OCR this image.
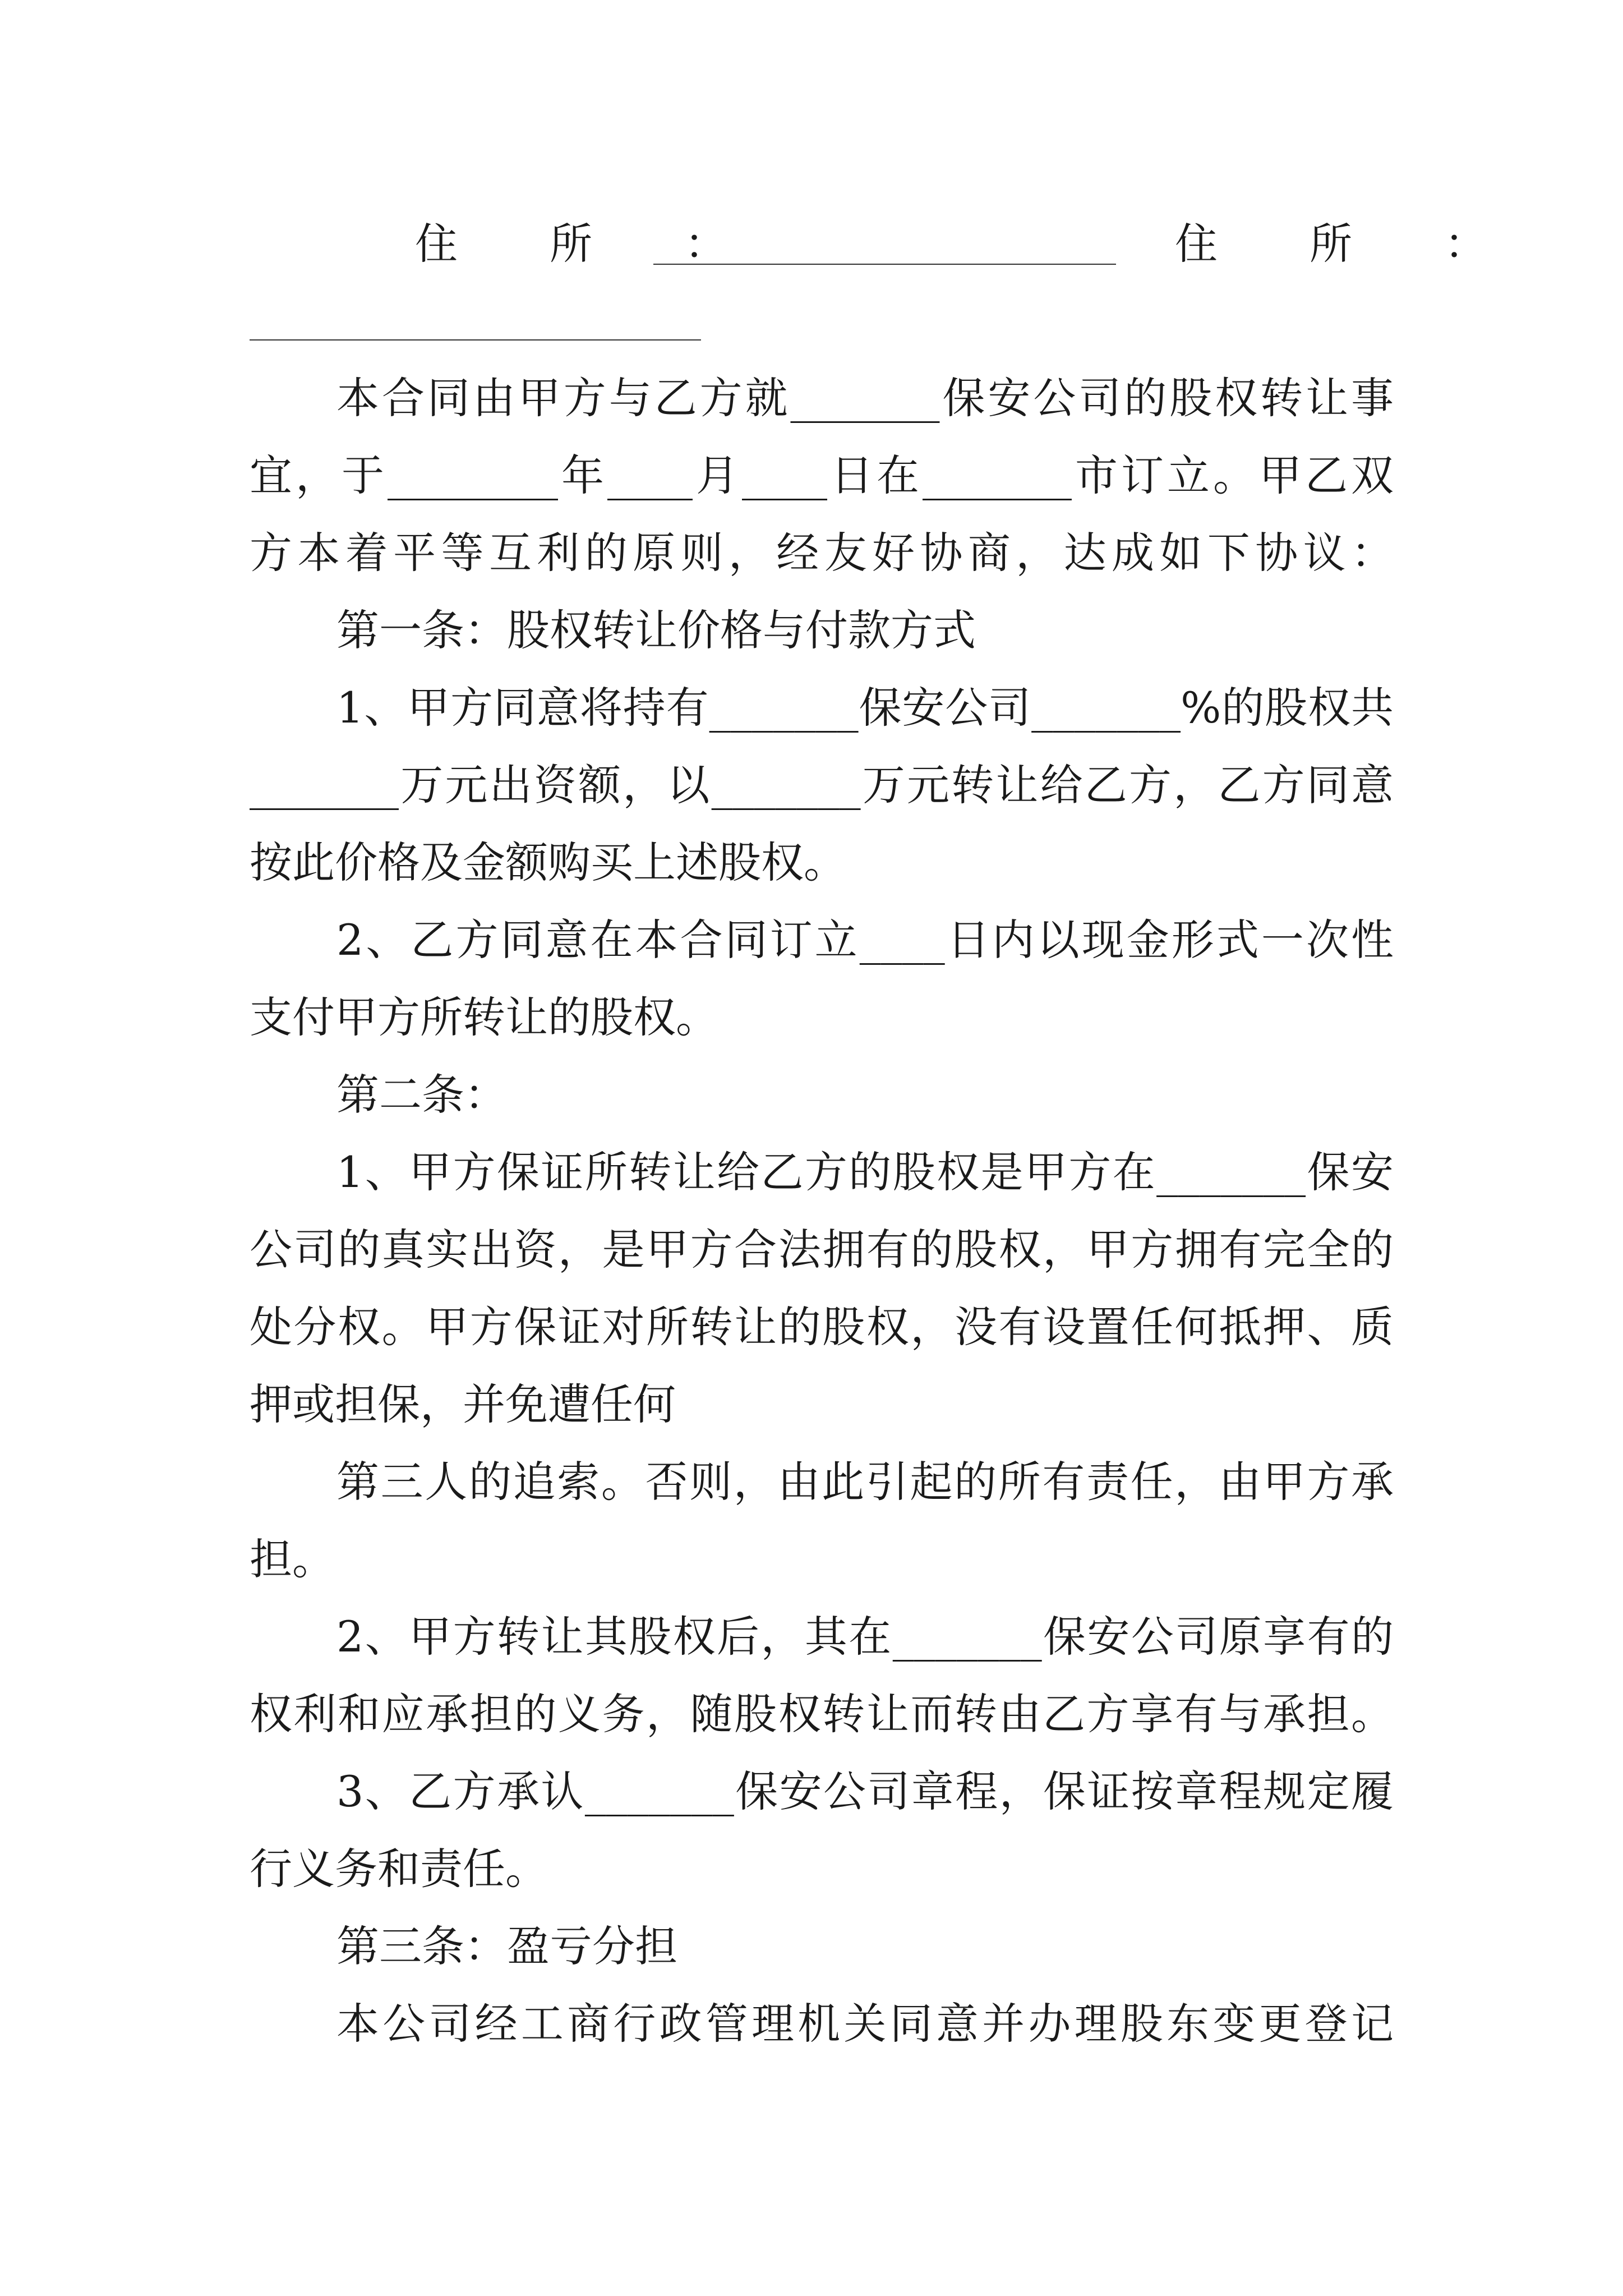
住 所 ：	住 所 ：
本合同由甲方与乙方就_______保安公司的股权转让事
宜，于________年____月____日在_______市订立。甲乙双
方本着平等互利的原则，经友好协商，达成如下协议：
第一条：股权转让价格与付款方式
1、甲方同意将持有_______保安公司_______%的股权共
_______万元出资额，以_______万元转让给乙方，乙方同意
按此价格及金额购买上述股权。
2、乙方同意在本合同订立____日内以现金形式一次性
支付甲方所转让的股权。
第二条：
1、甲方保证所转让给乙方的股权是甲方在_______保安
公司的真实出资，是甲方合法拥有的股权，甲方拥有完全的
处分权。甲方保证对所转让的股权，没有设置任何抵押、质
押或担保，并免遭任何
第三人的追索。否则，由此引起的所有责任，由甲方承
担。
2、甲方转让其股权后，其在_______保安公司原享有的
权利和应承担的义务，随股权转让而转由乙方享有与承担。
3、乙方承认_______保安公司章程，保证按章程规定履
行义务和责任。
第三条：盈亏分担
本公司经工商行政管理机关同意并办理股东变更登记
